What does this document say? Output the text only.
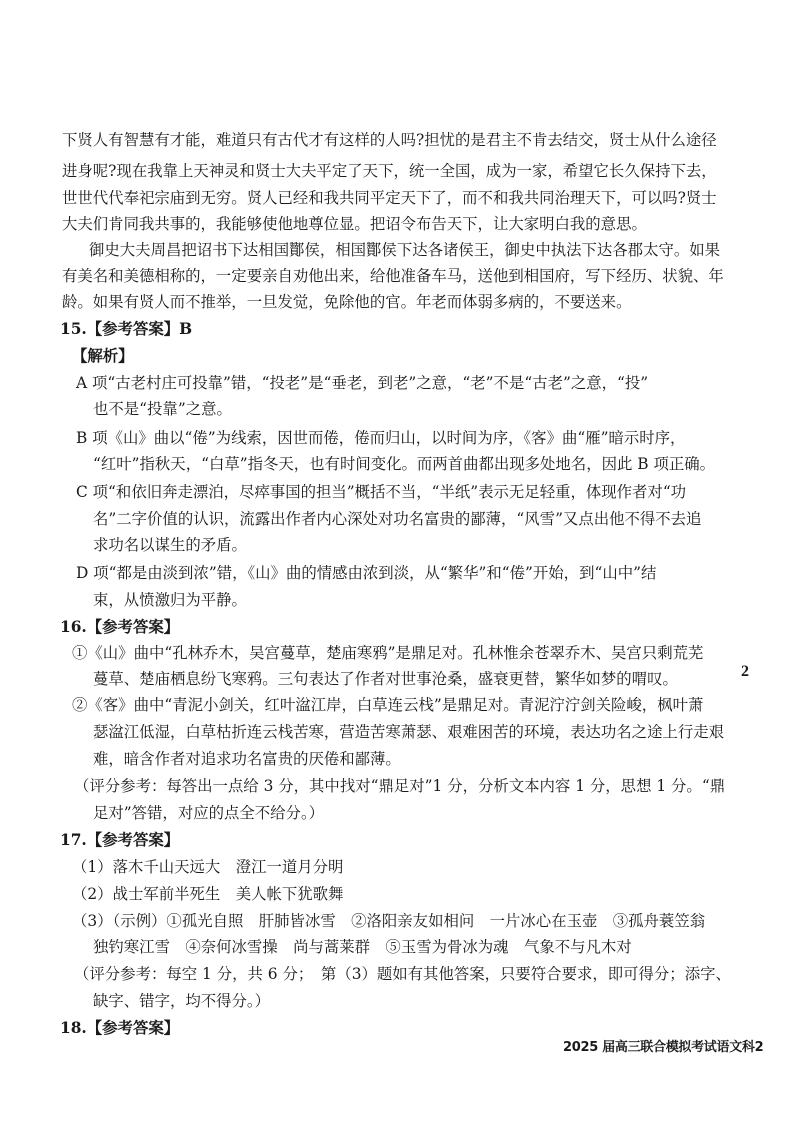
下贤人有智慧有才能，难道只有古代才有这样的人吗?担忧的是君主不肯去结交，贤士从什么途径
进身呢?现在我靠上天神灵和贤士大夫平定了天下，统一全国，成为一家，希望它长久保持下去，
世世代代奉祀宗庙到无穷。贤人已经和我共同平定天下了，而不和我共同治理天下，可以吗?贤士
大夫们肯同我共事的，我能够使他地尊位显。把诏令布告天下，让大家明白我的意思。
御史大夫周昌把诏书下达相国酇侯，相国酇侯下达各诸侯王，御史中执法下达各郡太守。如果
有美名和美德相称的，一定要亲自劝他出来，给他准备车马，送他到相国府，写下经历、状貌、年
龄。如果有贤人而不推举，一旦发觉，免除他的官。年老而体弱多病的，不要送来。
15.【参考答案】B
【解析】
A 项“古老村庄可投靠”错，“投老”是“垂老，到老”之意，“老”不是“古老”之意，“投”
也不是“投靠”之意。
B 项《山》曲以“倦”为线索，因世而倦，倦而归山，以时间为序，《客》曲“雁”暗示时序，
“红叶”指秋天，“白草”指冬天，也有时间变化。而两首曲都出现多处地名，因此 B 项正确。
C 项“和依旧奔走漂泊，尽瘁事国的担当”概括不当，“半纸”表示无足轻重，体现作者对“功
名”二字价值的认识，流露出作者内心深处对功名富贵的鄙薄，“风雪”又点出他不得不去追
求功名以谋生的矛盾。
D 项“都是由淡到浓”错，《山》曲的情感由浓到淡，从“繁华”和“倦”开始，到“山中”结
束，从愤激归为平静。
16.【参考答案】
①《山》曲中“孔林乔木，吴宫蔓草，楚庙寒鸦”是鼎足对。孔林惟余苍翠乔木、吴宫只剩荒芜
蔓草、楚庙栖息纷飞寒鸦。三句表达了作者对世事沧桑，盛衰更替，繁华如梦的喟叹。
②《客》曲中“青泥小剑关，红叶湓江岸，白草连云栈”是鼎足对。青泥泞泞剑关险峻，枫叶萧
瑟湓江低湿，白草枯折连云栈苦寒，营造苦寒萧瑟、艰难困苦的环境，表达功名之途上行走艰
难，暗含作者对追求功名富贵的厌倦和鄙薄。
（评分参考：每答出一点给 3 分，其中找对“鼎足对”1 分，分析文本内容 1 分，思想 1 分。“鼎
足对”答错，对应的点全不给分。）
2
17.【参考答案】
（1）落木千山天远大　澄江一道月分明
（2）战士军前半死生　美人帐下犹歌舞
（3）（示例）①孤光自照　肝肺皆冰雪　②洛阳亲友如相问　一片冰心在玉壶　③孤舟蓑笠翁
独钓寒江雪　④奈何冰雪操　尚与蒿莱群　⑤玉雪为骨冰为魂　气象不与凡木对
（评分参考：每空 1 分，共 6 分；　第（3）题如有其他答案，只要符合要求，即可得分；添字、
缺字、错字，均不得分。）
18.【参考答案】
2025 届高三联合模拟考试语文科2
